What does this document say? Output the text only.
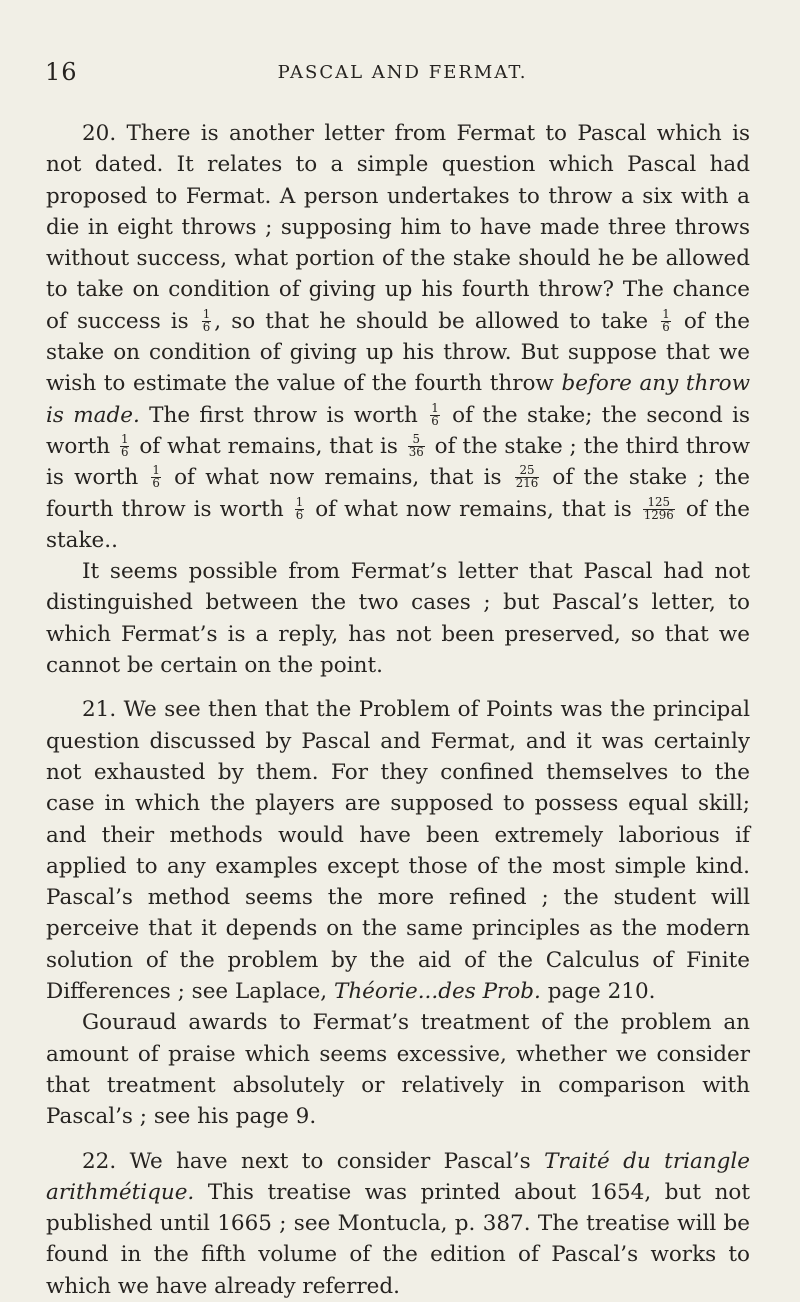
16	PASCAL AND FERMAT.

20. There is another letter from Fermat to Pascal which is not dated. It relates to a simple question which Pascal had proposed to Fermat. A person undertakes to throw a six with a die in eight throws ; supposing him to have made three throws without success, what portion of the stake should he be allowed to take on condition of giving up his fourth throw? The chance of success is $\frac{1}{6}$ , so that he should be allowed to take $\frac{1}{6}$ of the stake on condition of giving up his throw. But suppose that we wish to estimate the value of the fourth throw before any throw is made. The first throw is worth $\frac{1}{6}$ of the stake; the second is worth $\frac{1}{6}$ of what remains, that is $\frac{5}{36}$ of the stake ; the third throw is worth $\frac{1}{6}$ of what now remains, that is $\frac{25}{216}$ of the stake ; the fourth throw is worth $\frac{1}{6}$ of what now remains, that is $\frac{125}{1296}$ of the stake..

It seems possible from Fermat’s letter that Pascal had not distinguished between the two cases ; but Pascal’s letter, to which Fermat’s is a reply, has not been preserved, so that we cannot be certain on the point.

21. We see then that the Problem of Points was the principal question discussed by Pascal and Fermat, and it was certainly not exhausted by them. For they confined themselves to the case in which the players are supposed to possess equal skill; and their methods would have been extremely laborious if applied to any examples except those of the most simple kind. Pascal’s method seems the more refined ; the student will perceive that it depends on the same principles as the modern solution of the problem by the aid of the Calculus of Finite Differences ; see Laplace, Théorie...des Prob. page 210.

Gouraud awards to Fermat’s treatment of the problem an amount of praise which seems excessive, whether we consider that treatment absolutely or relatively in comparison with Pascal’s ; see his page 9.

22. We have next to consider Pascal’s Traité du triangle arithmétique. This treatise was printed about 1654, but not published until 1665 ; see Montucla, p. 387. The treatise will be found in the fifth volume of the edition of Pascal’s works to which we have already referred.
